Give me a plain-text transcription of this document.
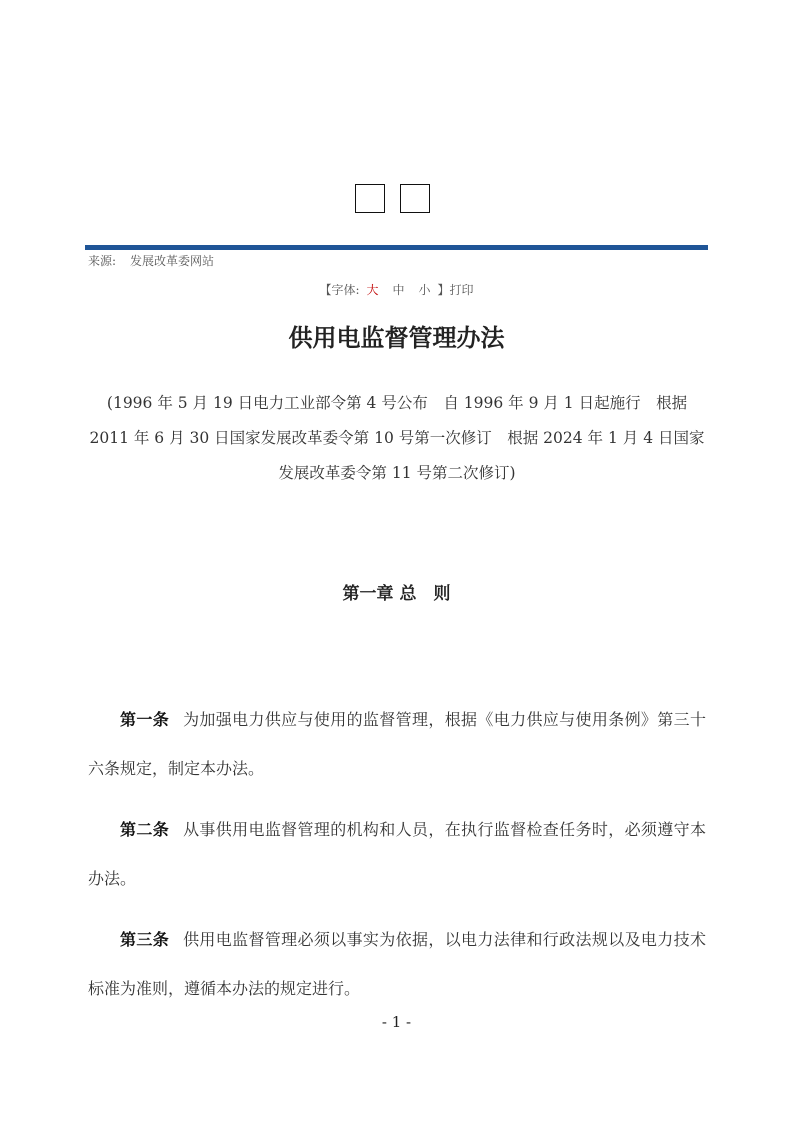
来源: 发展改革委网站
【字体: 大 中 小 】打印
供用电监督管理办法

(1996 年 5 月 19 日电力工业部令第 4 号公布　自 1996 年 9 月 1 日起施行　根据 2011 年 6 月 30 日国家发展改革委令第 10 号第一次修订　根据 2024 年 1 月 4 日国家发展改革委令第 11 号第二次修订)

第一章 总　则

第一条 为加强电力供应与使用的监督管理，根据《电力供应与使用条例》第三十六条规定，制定本办法。

第二条 从事供用电监督管理的机构和人员，在执行监督检查任务时，必须遵守本办法。

第三条 供用电监督管理必须以事实为依据，以电力法律和行政法规以及电力技术标准为准则，遵循本办法的规定进行。

- 1 -
